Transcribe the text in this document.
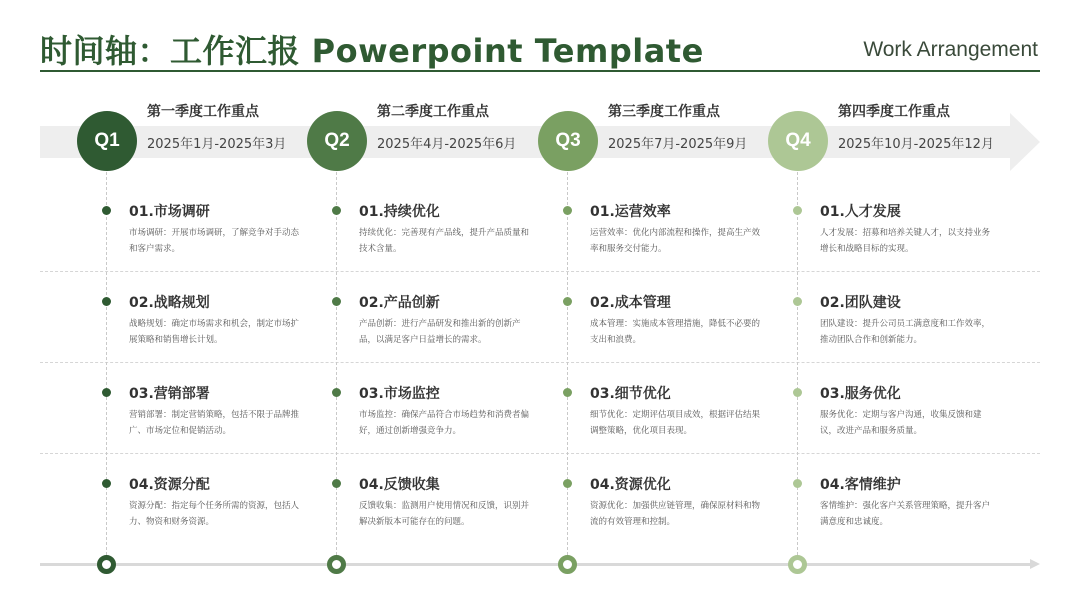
时间轴：工作汇报 Powerpoint Template	Work Arrangement
Q1
第一季度工作重点
2025年1月-2025年3月
01.市场调研
市场调研：开展市场调研，了解竞争对手动态和客户需求。
02.战略规划
战略规划：确定市场需求和机会，制定市场扩展策略和销售增长计划。
03.营销部署
营销部署：制定营销策略，包括不限于品牌推广、市场定位和促销活动。
04.资源分配
资源分配：指定每个任务所需的资源，包括人力、物资和财务资源。
Q2
第二季度工作重点
2025年4月-2025年6月
01.持续优化
持续优化：完善现有产品线，提升产品质量和技术含量。
02.产品创新
产品创新：进行产品研发和推出新的创新产品，以满足客户日益增长的需求。
03.市场监控
市场监控：确保产品符合市场趋势和消费者偏好，通过创新增强竞争力。
04.反馈收集
反馈收集：监测用户使用情况和反馈，识别并解决新版本可能存在的问题。
Q3
第三季度工作重点
2025年7月-2025年9月
01.运营效率
运营效率：优化内部流程和操作，提高生产效率和服务交付能力。
02.成本管理
成本管理：实施成本管理措施，降低不必要的支出和浪费。
03.细节优化
细节优化：定期评估项目成效，根据评估结果调整策略，优化项目表现。
04.资源优化
资源优化：加强供应链管理，确保原材料和物流的有效管理和控制。
Q4
第四季度工作重点
2025年10月-2025年12月
01.人才发展
人才发展：招募和培养关键人才，以支持业务增长和战略目标的实现。
02.团队建设
团队建设：提升公司员工满意度和工作效率，推动团队合作和创新能力。
03.服务优化
服务优化：定期与客户沟通，收集反馈和建议，改进产品和服务质量。
04.客情维护
客情维护：强化客户关系管理策略，提升客户满意度和忠诚度。
